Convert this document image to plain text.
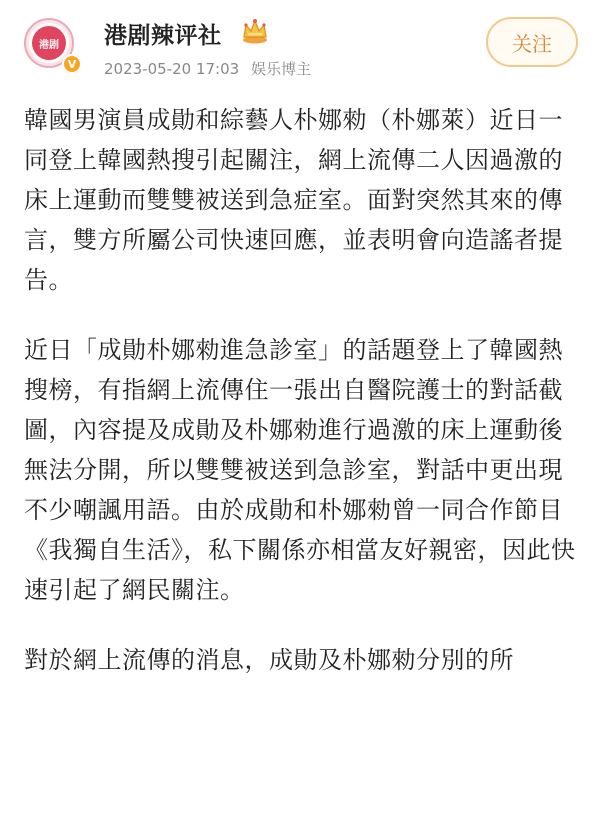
港剧
V
港剧辣评社
2023-05-20 17:03 娱乐博主
关注

韓國男演員成勛和綜藝人朴娜勑（朴娜萊）近日一同登上韓國熱搜引起關注，網上流傳二人因過激的床上運動而雙雙被送到急症室。面對突然其來的傳言，雙方所屬公司快速回應，並表明會向造謠者提告。

近日「成勛朴娜勑進急診室」的話題登上了韓國熱搜榜，有指網上流傳住一張出自醫院護士的對話截圖，內容提及成勛及朴娜勑進行過激的床上運動後無法分開，所以雙雙被送到急診室，對話中更出現不少嘲諷用語。由於成勛和朴娜勑曾一同合作節目《我獨自生活》，私下關係亦相當友好親密，因此快速引起了網民關注。

對於網上流傳的消息，成勛及朴娜勑分別的所
